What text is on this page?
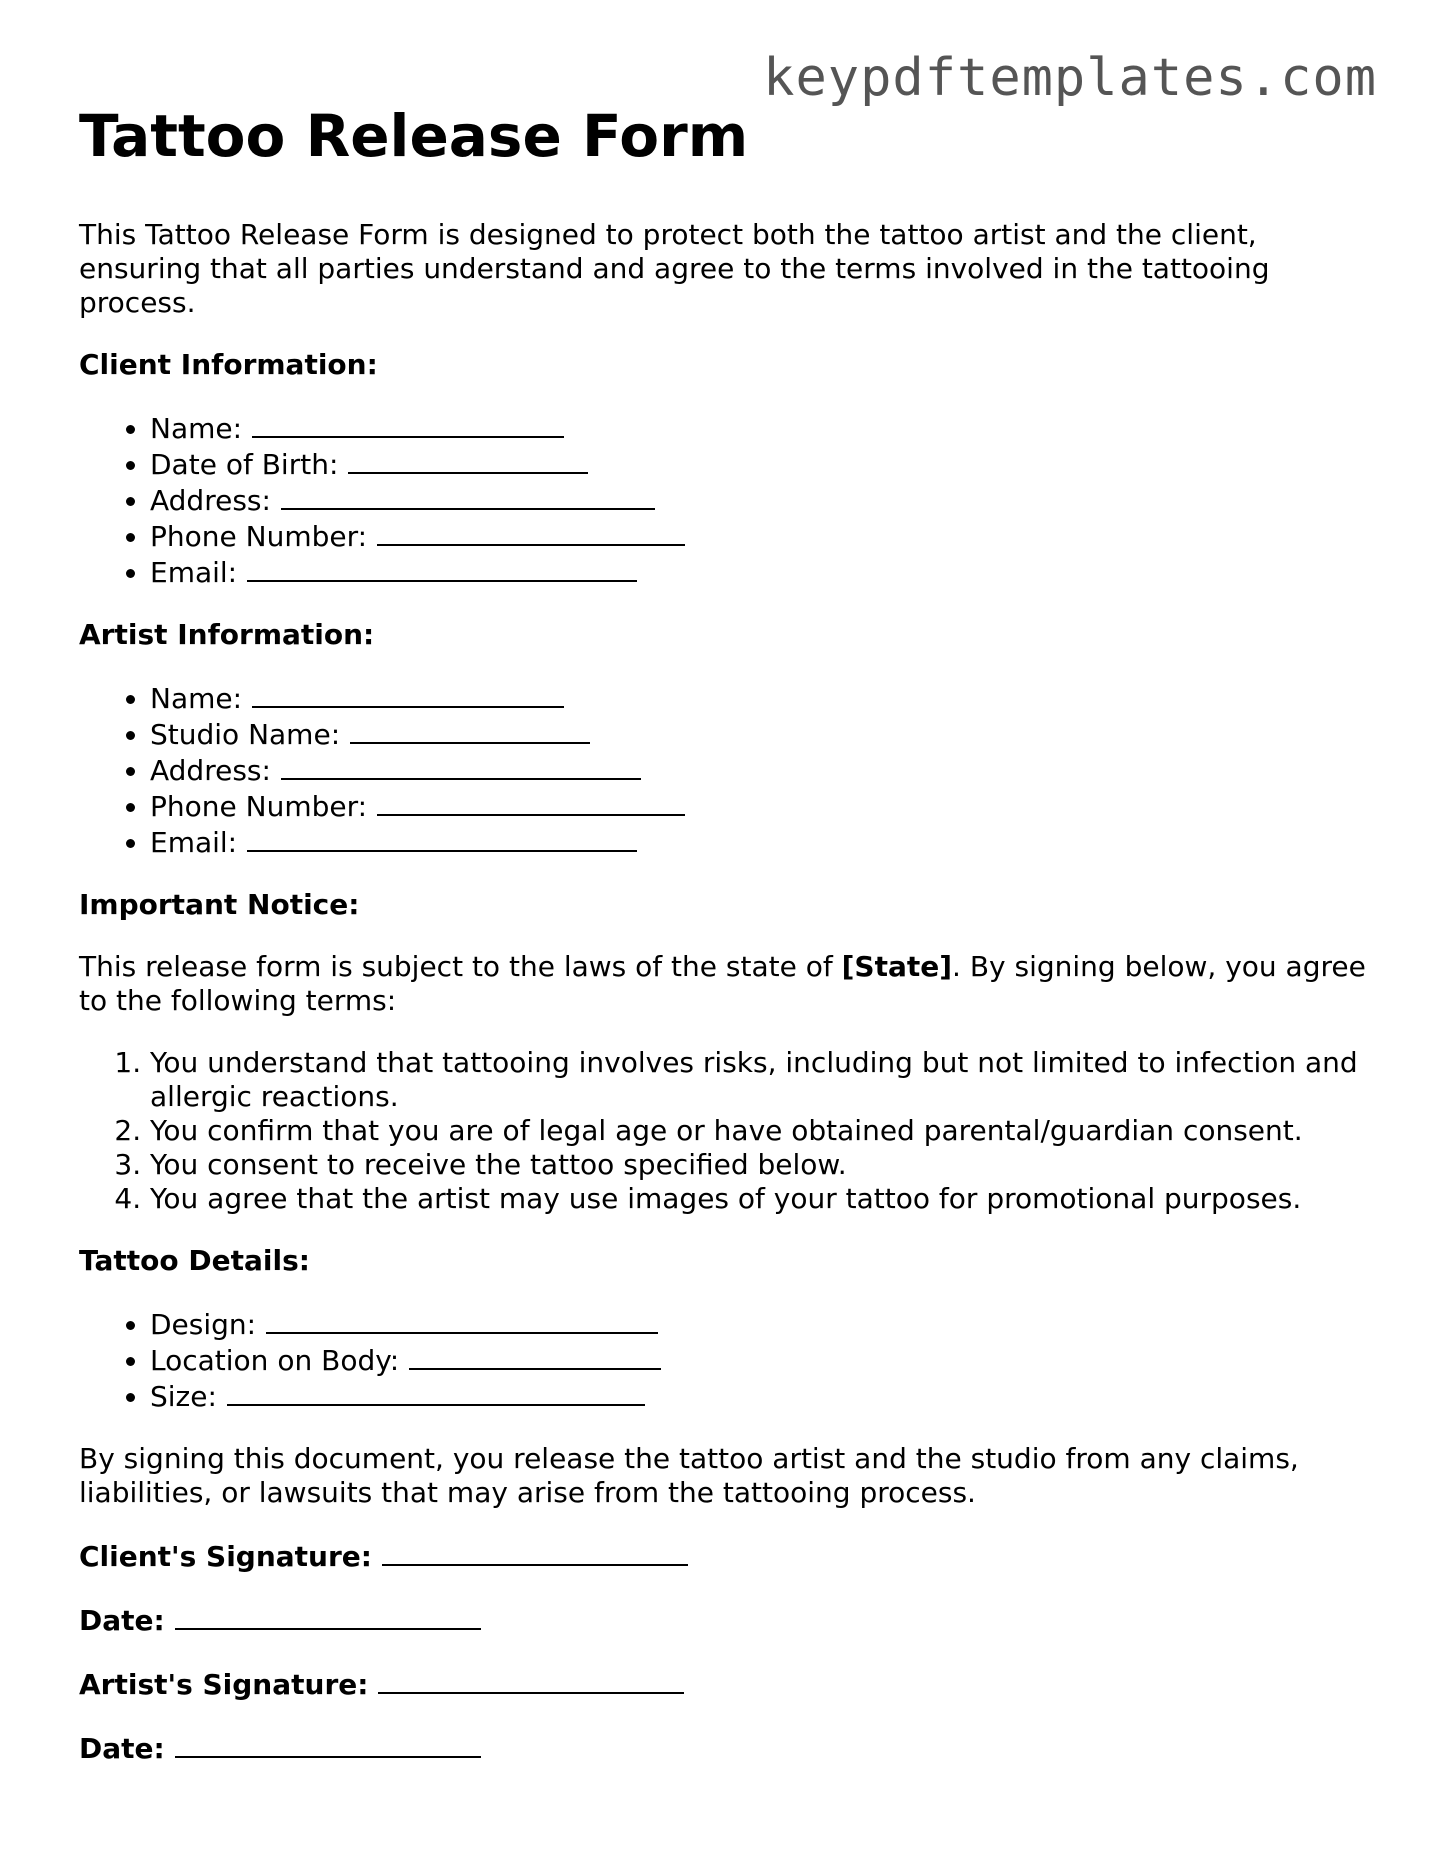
keypdftemplates.com
Tattoo Release Form

This Tattoo Release Form is designed to protect both the tattoo artist and the client, ensuring that all parties understand and agree to the terms involved in the tattooing process.

Client Information:
• Name:
• Date of Birth:
• Address:
• Phone Number:
• Email:
Artist Information:
• Name:
• Studio Name:
• Address:
• Phone Number:
• Email:
Important Notice:

This release form is subject to the laws of the state of [State]. By signing below, you agree to the following terms:

1. You understand that tattooing involves risks, including but not limited to infection and allergic reactions.
2. You confirm that you are of legal age or have obtained parental/guardian consent.
3. You consent to receive the tattoo specified below.
4. You agree that the artist may use images of your tattoo for promotional purposes.
Tattoo Details:
• Design:
• Location on Body:
• Size:

By signing this document, you release the tattoo artist and the studio from any claims, liabilities, or lawsuits that may arise from the tattooing process.

Client's Signature:
Date:
Artist's Signature:
Date:
